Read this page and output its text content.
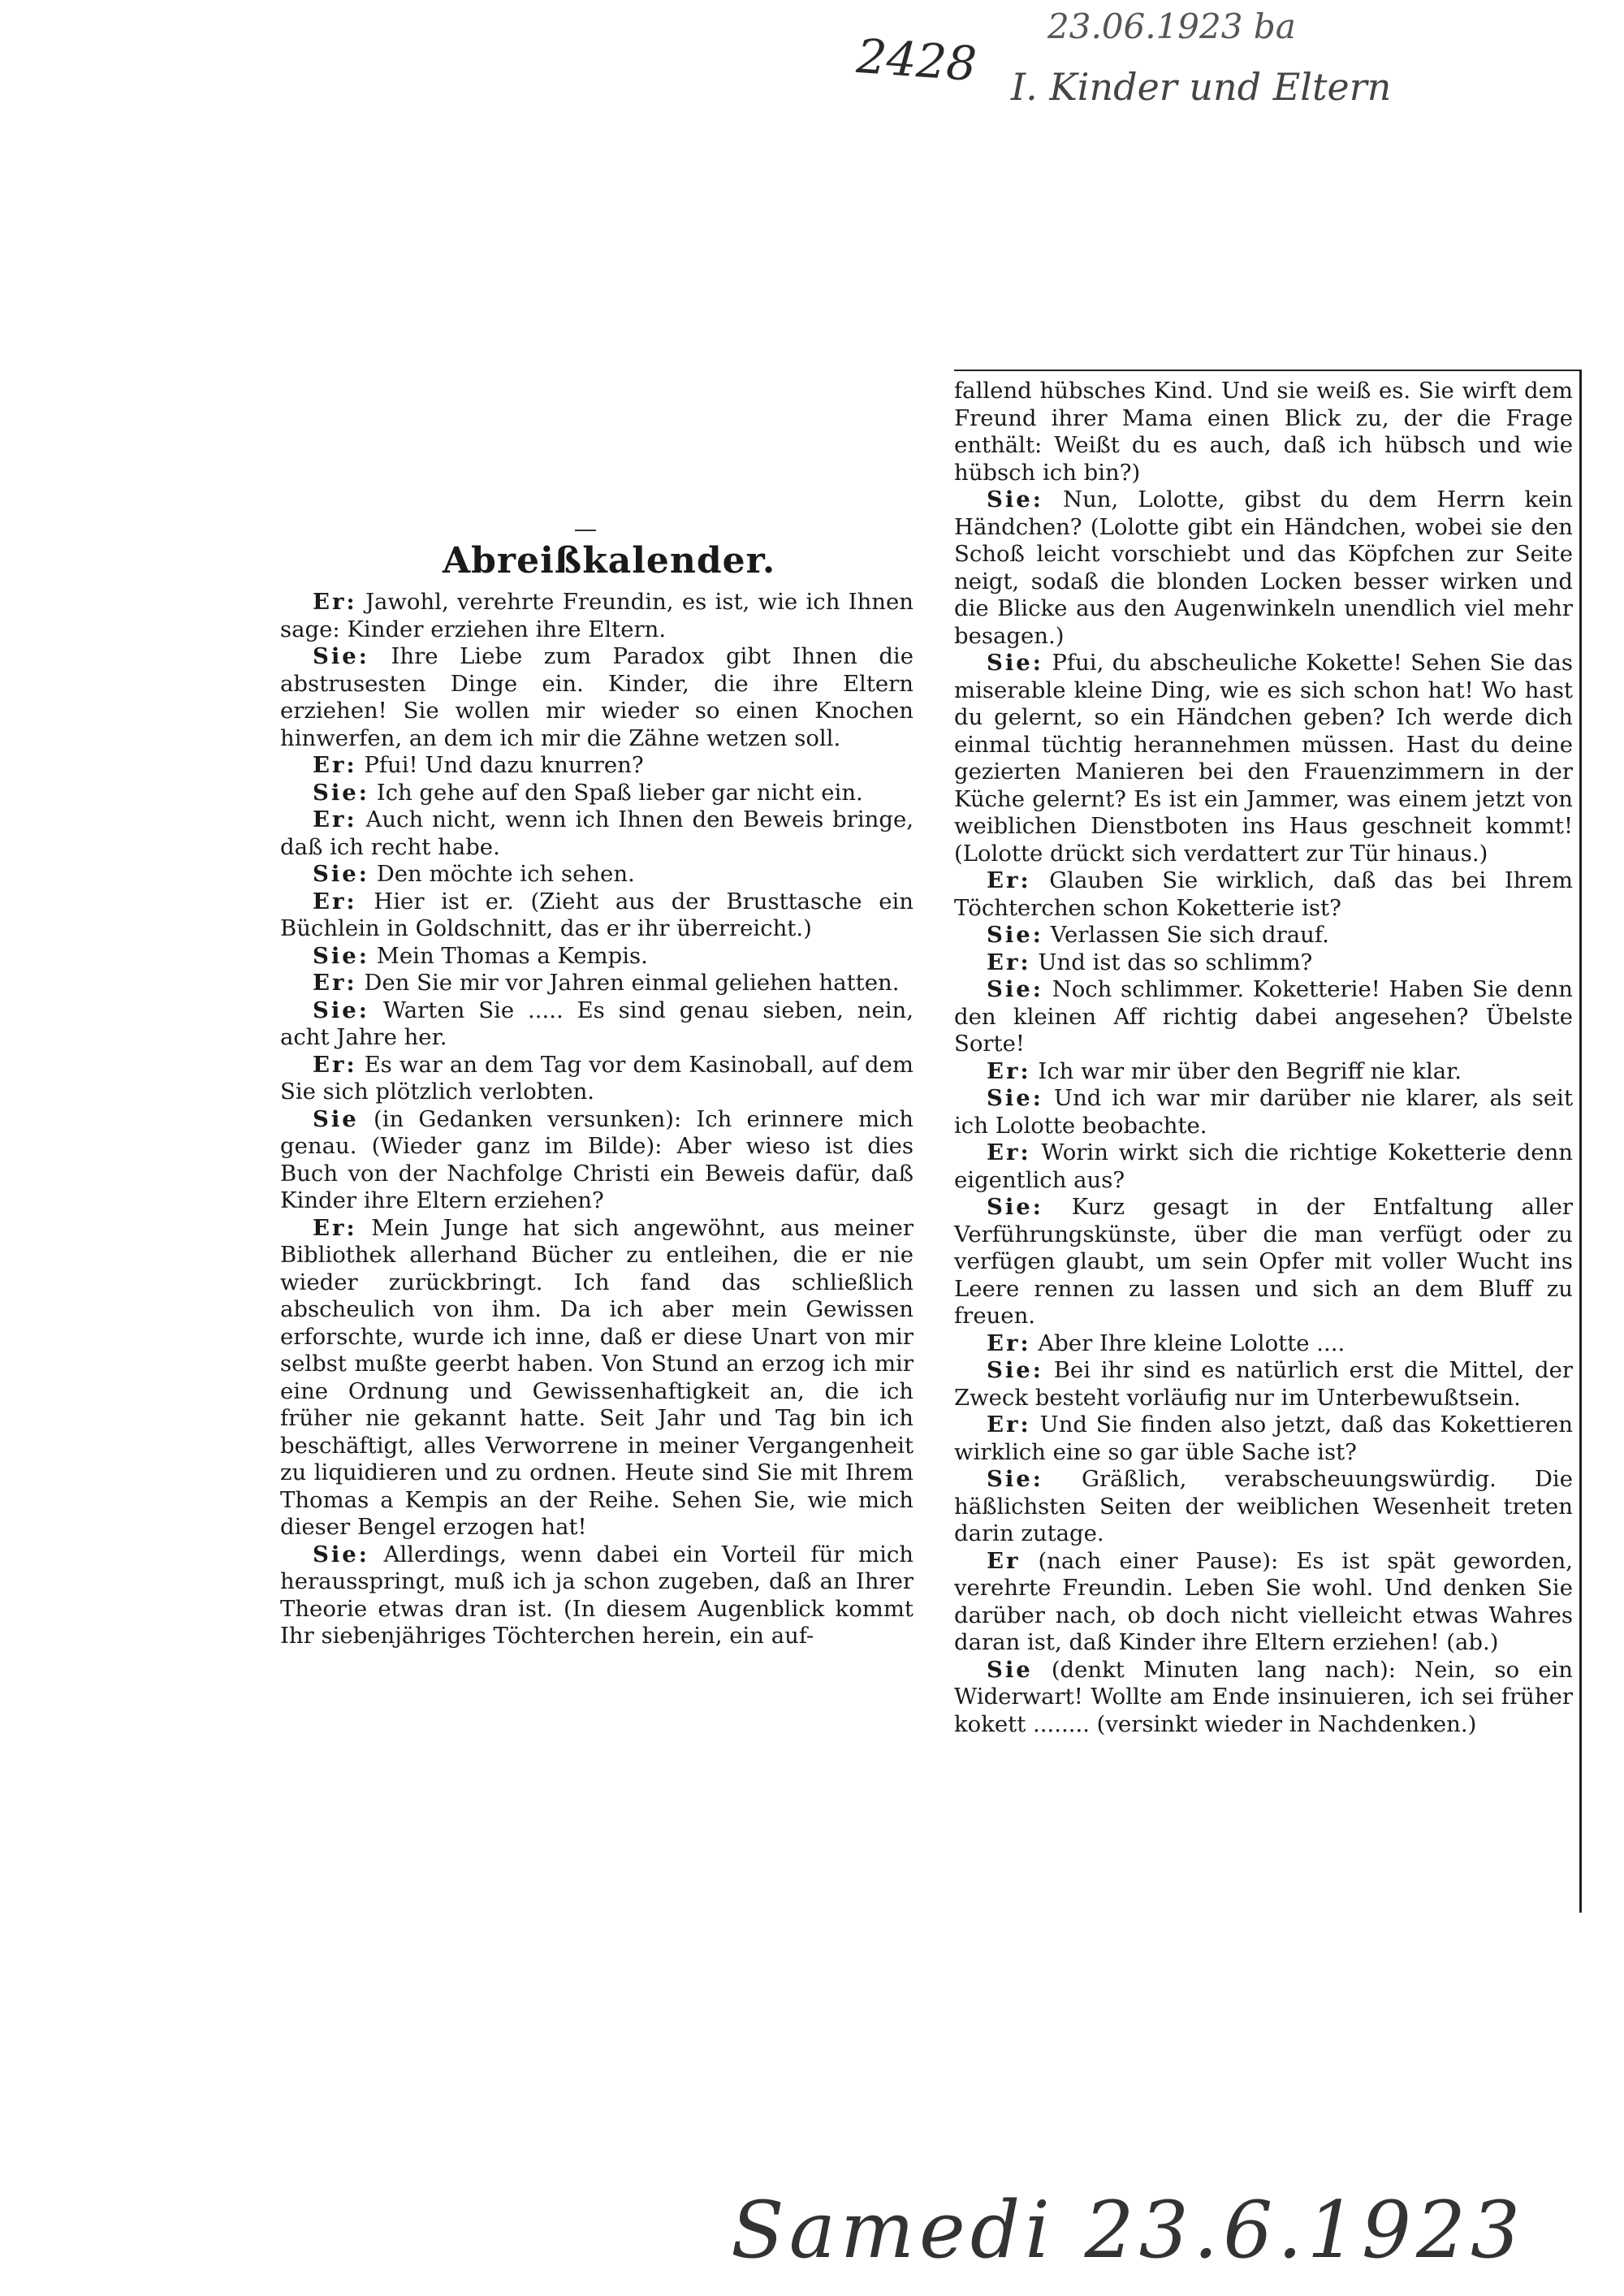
2428
23.06.1923 ba
I. Kinder und Eltern
Abreißkalender.

Er: Jawohl, verehrte Freundin, es ist, wie ich Ihnen sage: Kinder erziehen ihre Eltern.

Sie: Ihre Liebe zum Paradox gibt Ihnen die abstrusesten Dinge ein. Kinder, die ihre Eltern erziehen! Sie wollen mir wieder so einen Knochen hinwerfen, an dem ich mir die Zähne wetzen soll.

Er: Pfui! Und dazu knurren?

Sie: Ich gehe auf den Spaß lieber gar nicht ein.

Er: Auch nicht, wenn ich Ihnen den Beweis bringe, daß ich recht habe.

Sie: Den möchte ich sehen.

Er: Hier ist er. (Zieht aus der Brusttasche ein Büchlein in Goldschnitt, das er ihr überreicht.)

Sie: Mein Thomas a Kempis.

Er: Den Sie mir vor Jahren einmal geliehen hatten.

Sie: Warten Sie ..... Es sind genau sieben, nein, acht Jahre her.

Er: Es war an dem Tag vor dem Kasinoball, auf dem Sie sich plötzlich verlobten.

Sie (in Gedanken versunken): Ich erinnere mich genau. (Wieder ganz im Bilde): Aber wieso ist dies Buch von der Nachfolge Christi ein Beweis dafür, daß Kinder ihre Eltern erziehen?

Er: Mein Junge hat sich angewöhnt, aus meiner Bibliothek allerhand Bücher zu entleihen, die er nie wieder zurückbringt. Ich fand das schließlich abscheulich von ihm. Da ich aber mein Gewissen erforschte, wurde ich inne, daß er diese Unart von mir selbst mußte geerbt haben. Von Stund an erzog ich mir eine Ordnung und Gewissenhaftigkeit an, die ich früher nie gekannt hatte. Seit Jahr und Tag bin ich beschäftigt, alles Verworrene in meiner Vergangenheit zu liquidieren und zu ordnen. Heute sind Sie mit Ihrem Thomas a Kempis an der Reihe. Sehen Sie, wie mich dieser Bengel erzogen hat!

Sie: Allerdings, wenn dabei ein Vorteil für mich herausspringt, muß ich ja schon zugeben, daß an Ihrer Theorie etwas dran ist. (In diesem Augenblick kommt Ihr siebenjähriges Töchterchen herein, ein auf-

fallend hübsches Kind. Und sie weiß es. Sie wirft dem Freund ihrer Mama einen Blick zu, der die Frage enthält: Weißt du es auch, daß ich hübsch und wie hübsch ich bin?)

Sie: Nun, Lolotte, gibst du dem Herrn kein Händchen? (Lolotte gibt ein Händchen, wobei sie den Schoß leicht vorschiebt und das Köpfchen zur Seite neigt, sodaß die blonden Locken besser wirken und die Blicke aus den Augenwinkeln unendlich viel mehr besagen.)

Sie: Pfui, du abscheuliche Kokette! Sehen Sie das miserable kleine Ding, wie es sich schon hat! Wo hast du gelernt, so ein Händchen geben? Ich werde dich einmal tüchtig herannehmen müssen. Hast du deine gezierten Manieren bei den Frauenzimmern in der Küche gelernt? Es ist ein Jammer, was einem jetzt von weiblichen Dienstboten ins Haus geschneit kommt! (Lolotte drückt sich verdattert zur Tür hinaus.)

Er: Glauben Sie wirklich, daß das bei Ihrem Töchterchen schon Koketterie ist?

Sie: Verlassen Sie sich drauf.

Er: Und ist das so schlimm?

Sie: Noch schlimmer. Koketterie! Haben Sie denn den kleinen Aff richtig dabei angesehen? Übelste Sorte!

Er: Ich war mir über den Begriff nie klar.

Sie: Und ich war mir darüber nie klarer, als seit ich Lolotte beobachte.

Er: Worin wirkt sich die richtige Koketterie denn eigentlich aus?

Sie: Kurz gesagt in der Entfaltung aller Verführungskünste, über die man verfügt oder zu verfügen glaubt, um sein Opfer mit voller Wucht ins Leere rennen zu lassen und sich an dem Bluff zu freuen.

Er: Aber Ihre kleine Lolotte ....

Sie: Bei ihr sind es natürlich erst die Mittel, der Zweck besteht vorläufig nur im Unterbewußtsein.

Er: Und Sie finden also jetzt, daß das Kokettieren wirklich eine so gar üble Sache ist?

Sie: Gräßlich, verabscheuungswürdig. Die häßlichsten Seiten der weiblichen Wesenheit treten darin zutage.

Er (nach einer Pause): Es ist spät geworden, verehrte Freundin. Leben Sie wohl. Und denken Sie darüber nach, ob doch nicht vielleicht etwas Wahres daran ist, daß Kinder ihre Eltern erziehen! (ab.)

Sie (denkt Minuten lang nach): Nein, so ein Widerwart! Wollte am Ende insinuieren, ich sei früher kokett ........ (versinkt wieder in Nachdenken.)

Samedi 23.6.1923
